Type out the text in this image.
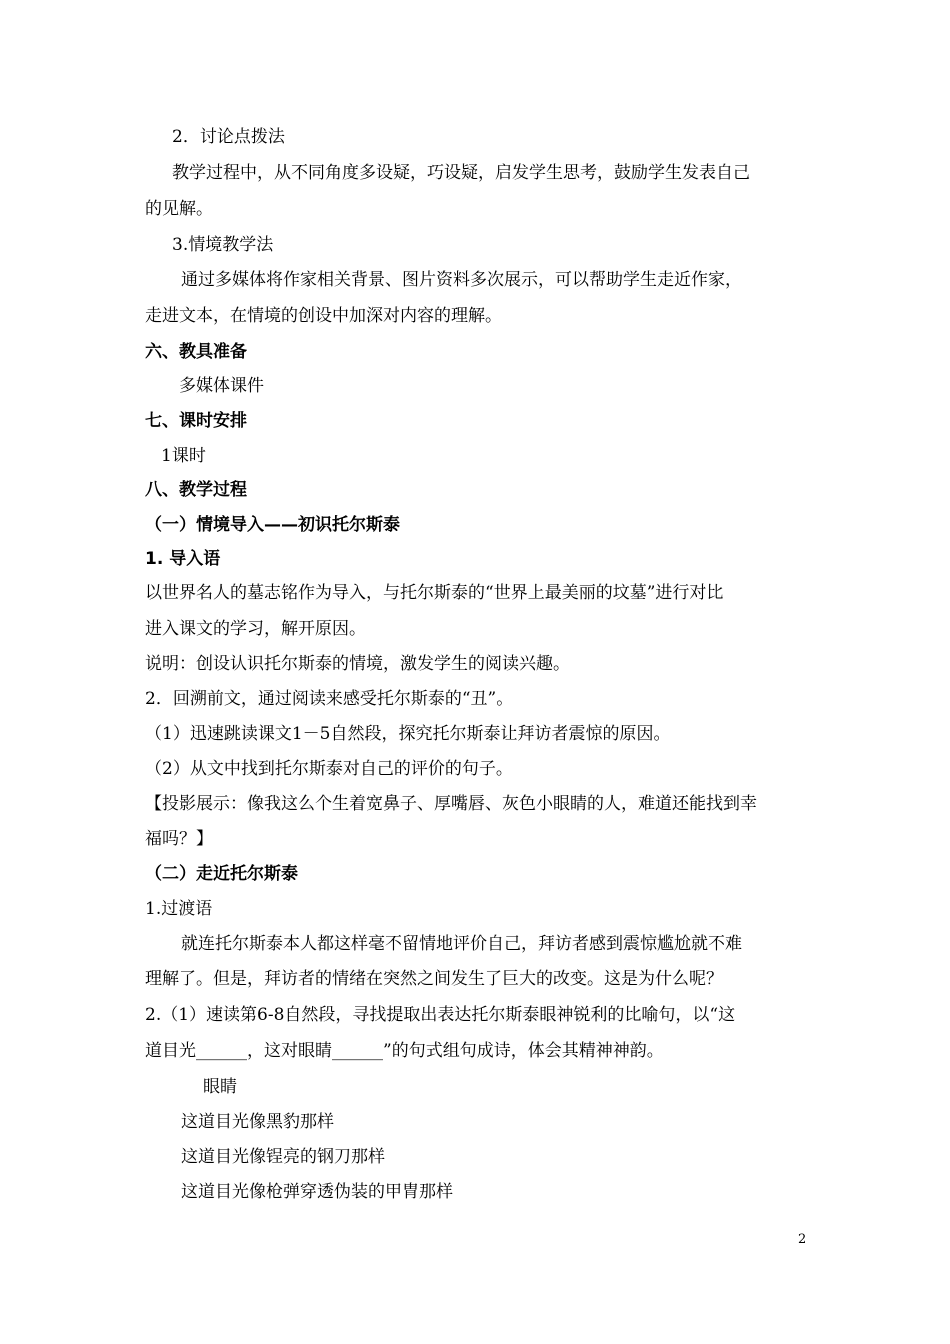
2．讨论点拨法
教学过程中，从不同角度多设疑，巧设疑，启发学生思考，鼓励学生发表自己
的见解。
3.情境教学法
通过多媒体将作家相关背景、图片资料多次展示，可以帮助学生走近作家，
走进文本，在情境的创设中加深对内容的理解。
六、教具准备
多媒体课件
七、课时安排
1课时
八、教学过程
（一）情境导入——初识托尔斯泰
1. 导入语
以世界名人的墓志铭作为导入，与托尔斯泰的“世界上最美丽的坟墓”进行对比
进入课文的学习，解开原因。
说明：创设认识托尔斯泰的情境，激发学生的阅读兴趣。
2．回溯前文，通过阅读来感受托尔斯泰的“丑”。
（1）迅速跳读课文1－5自然段，探究托尔斯泰让拜访者震惊的原因。
（2）从文中找到托尔斯泰对自己的评价的句子。
【投影展示：像我这么个生着宽鼻子、厚嘴唇、灰色小眼睛的人，难道还能找到幸
福吗？】
（二）走近托尔斯泰
1.过渡语
就连托尔斯泰本人都这样毫不留情地评价自己，拜访者感到震惊尴尬就不难
理解了。但是，拜访者的情绪在突然之间发生了巨大的改变。这是为什么呢？
2.（1）速读第6-8自然段，寻找提取出表达托尔斯泰眼神锐利的比喻句，以“这
道目光______，这对眼睛______”的句式组句成诗，体会其精神神韵。
眼睛
这道目光像黑豹那样
这道目光像锃亮的钢刀那样
这道目光像枪弹穿透伪装的甲胄那样
2
